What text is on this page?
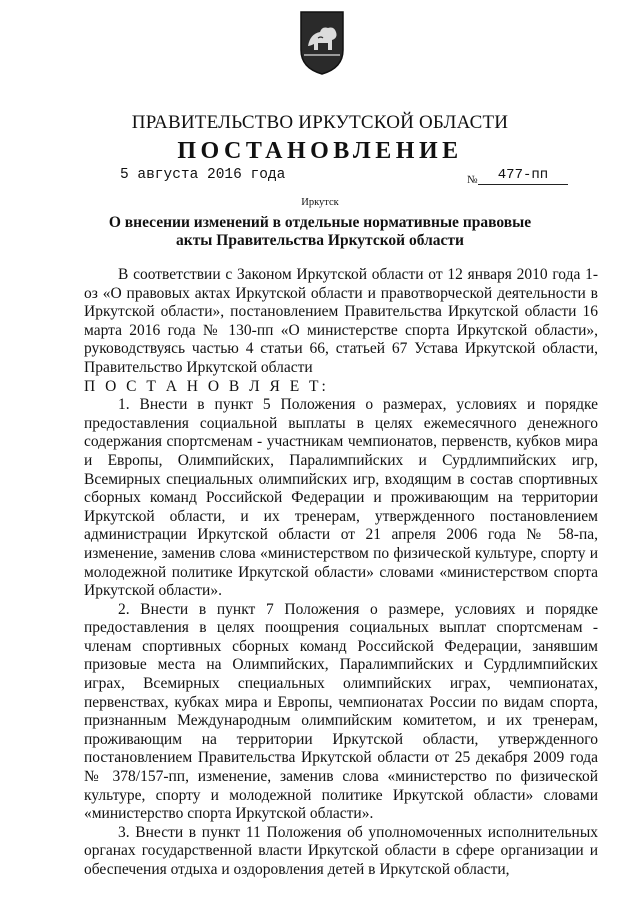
ПРАВИТЕЛЬСТВО ИРКУТСКОЙ ОБЛАСТИ
ПОСТАНОВЛЕНИЕ
5 августа 2016 года	№	477-пп
Иркутск
О внесении изменений в отдельные нормативные правовые акты Правительства Иркутской области

В соответствии с Законом Иркутской области от 12 января 2010 года 1-оз «О правовых актах Иркутской области и правотворческой деятельности в Иркутской области», постановлением Правительства Иркутской области 16 марта 2016 года № 130-пп «О министерстве спорта Иркутской области», руководствуясь частью 4 статьи 66, статьей 67 Устава Иркутской области, Правительство Иркутской области

П О С Т А Н О В Л Я Е Т:

1. Внести в пункт 5 Положения о размерах, условиях и порядке предоставления социальной выплаты в целях ежемесячного денежного содержания спортсменам - участникам чемпионатов, первенств, кубков мира и Европы, Олимпийских, Паралимпийских и Сурдлимпийских игр, Всемирных специальных олимпийских игр, входящим в состав спортивных сборных команд Российской Федерации и проживающим на территории Иркутской области, и их тренерам, утвержденного постановлением администрации Иркутской области от 21 апреля 2006 года № 58-па, изменение, заменив слова «министерством по физической культуре, спорту и молодежной политике Иркутской области» словами «министерством спорта Иркутской области».

2. Внести в пункт 7 Положения о размере, условиях и порядке предоставления в целях поощрения социальных выплат спортсменам - членам спортивных сборных команд Российской Федерации, занявшим призовые места на Олимпийских, Паралимпийских и Сурдлимпийских играх, Всемирных специальных олимпийских играх, чемпионатах, первенствах, кубках мира и Европы, чемпионатах России по видам спорта, признанным Международным олимпийским комитетом, и их тренерам, проживающим на территории Иркутской области, утвержденного постановлением Правительства Иркутской области от 25 декабря 2009 года № 378/157-пп, изменение, заменив слова «министерство по физической культуре, спорту и молодежной политике Иркутской области» словами «министерство спорта Иркутской области».

3. Внести в пункт 11 Положения об уполномоченных исполнительных органах государственной власти Иркутской области в сфере организации и обеспечения отдыха и оздоровления детей в Иркутской области,
